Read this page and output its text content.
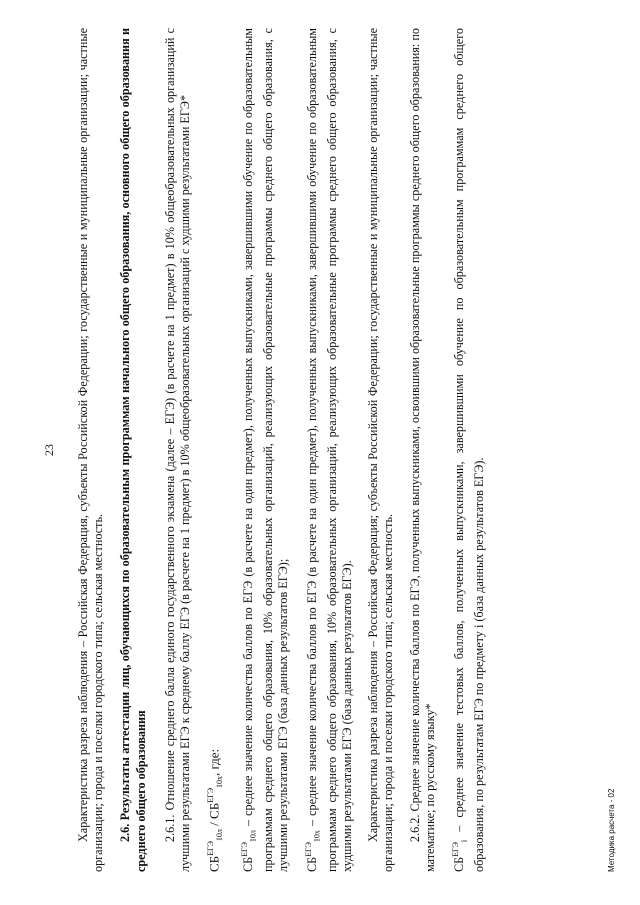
23 Характеристика разреза наблюдения – Российская Федерация, субъекты Российской Федерации; государственные и муниципальные организации; частные организации; города и поселки городского типа; сельская местность. 2.6. Результаты аттестации лиц, обучающихся по образовательным программам начального общего образования, основного общего образования и среднего общего образования 2.6.1. Отношение среднего балла единого государственного экзамена (далее – ЕГЭ) (в расчете на 1 предмет) в 10% общеобразовательных организаций с лучшими результатами ЕГЭ к среднему баллу ЕГЭ (в расчете на 1 предмет) в 10% общеобразовательных организаций с худшими результатами ЕГЭ* $СБ^{ЕГЭ}_{10л} / СБ^{ЕГЭ}_{10х}$, где:

$СБ^{ЕГЭ}_{10л}$ – среднее значение количества баллов по ЕГЭ (в расчете на один предмет), полученных выпускниками, завершившими обучение по образовательным программам среднего общего образования, 10% образовательных организаций, реализующих образовательные программы среднего общего образования, с лучшими результатами ЕГЭ (база данных результатов ЕГЭ);	$СБ^{ЕГЭ}_{10х}$ – среднее значение количества баллов по ЕГЭ (в расчете на один предмет), полученных выпускниками, завершившими обучение по образовательным программам среднего общего образования, 10% образовательных организаций, реализующих образовательные программы среднего общего образования, с худшими результатами ЕГЭ (база данных результатов ЕГЭ). Характеристика разреза наблюдения – Российская Федерация; субъекты Российской Федерации; государственные и муниципальные организации; частные организации; города и поселки городского типа; сельская местность. 2.6.2. Среднее значение количества баллов по ЕГЭ, полученных выпускниками, освоившими образовательные программы среднего общего образования: по математике; по русскому языку*	$СБ^{ЕГЭ}_i$ – среднее значение тестовых баллов, полученных выпускниками, завершившими обучение по образовательным программам среднего общего образования, по результатам ЕГЭ по предмету i (база данных результатов ЕГЭ).	Методика расчета - 02
